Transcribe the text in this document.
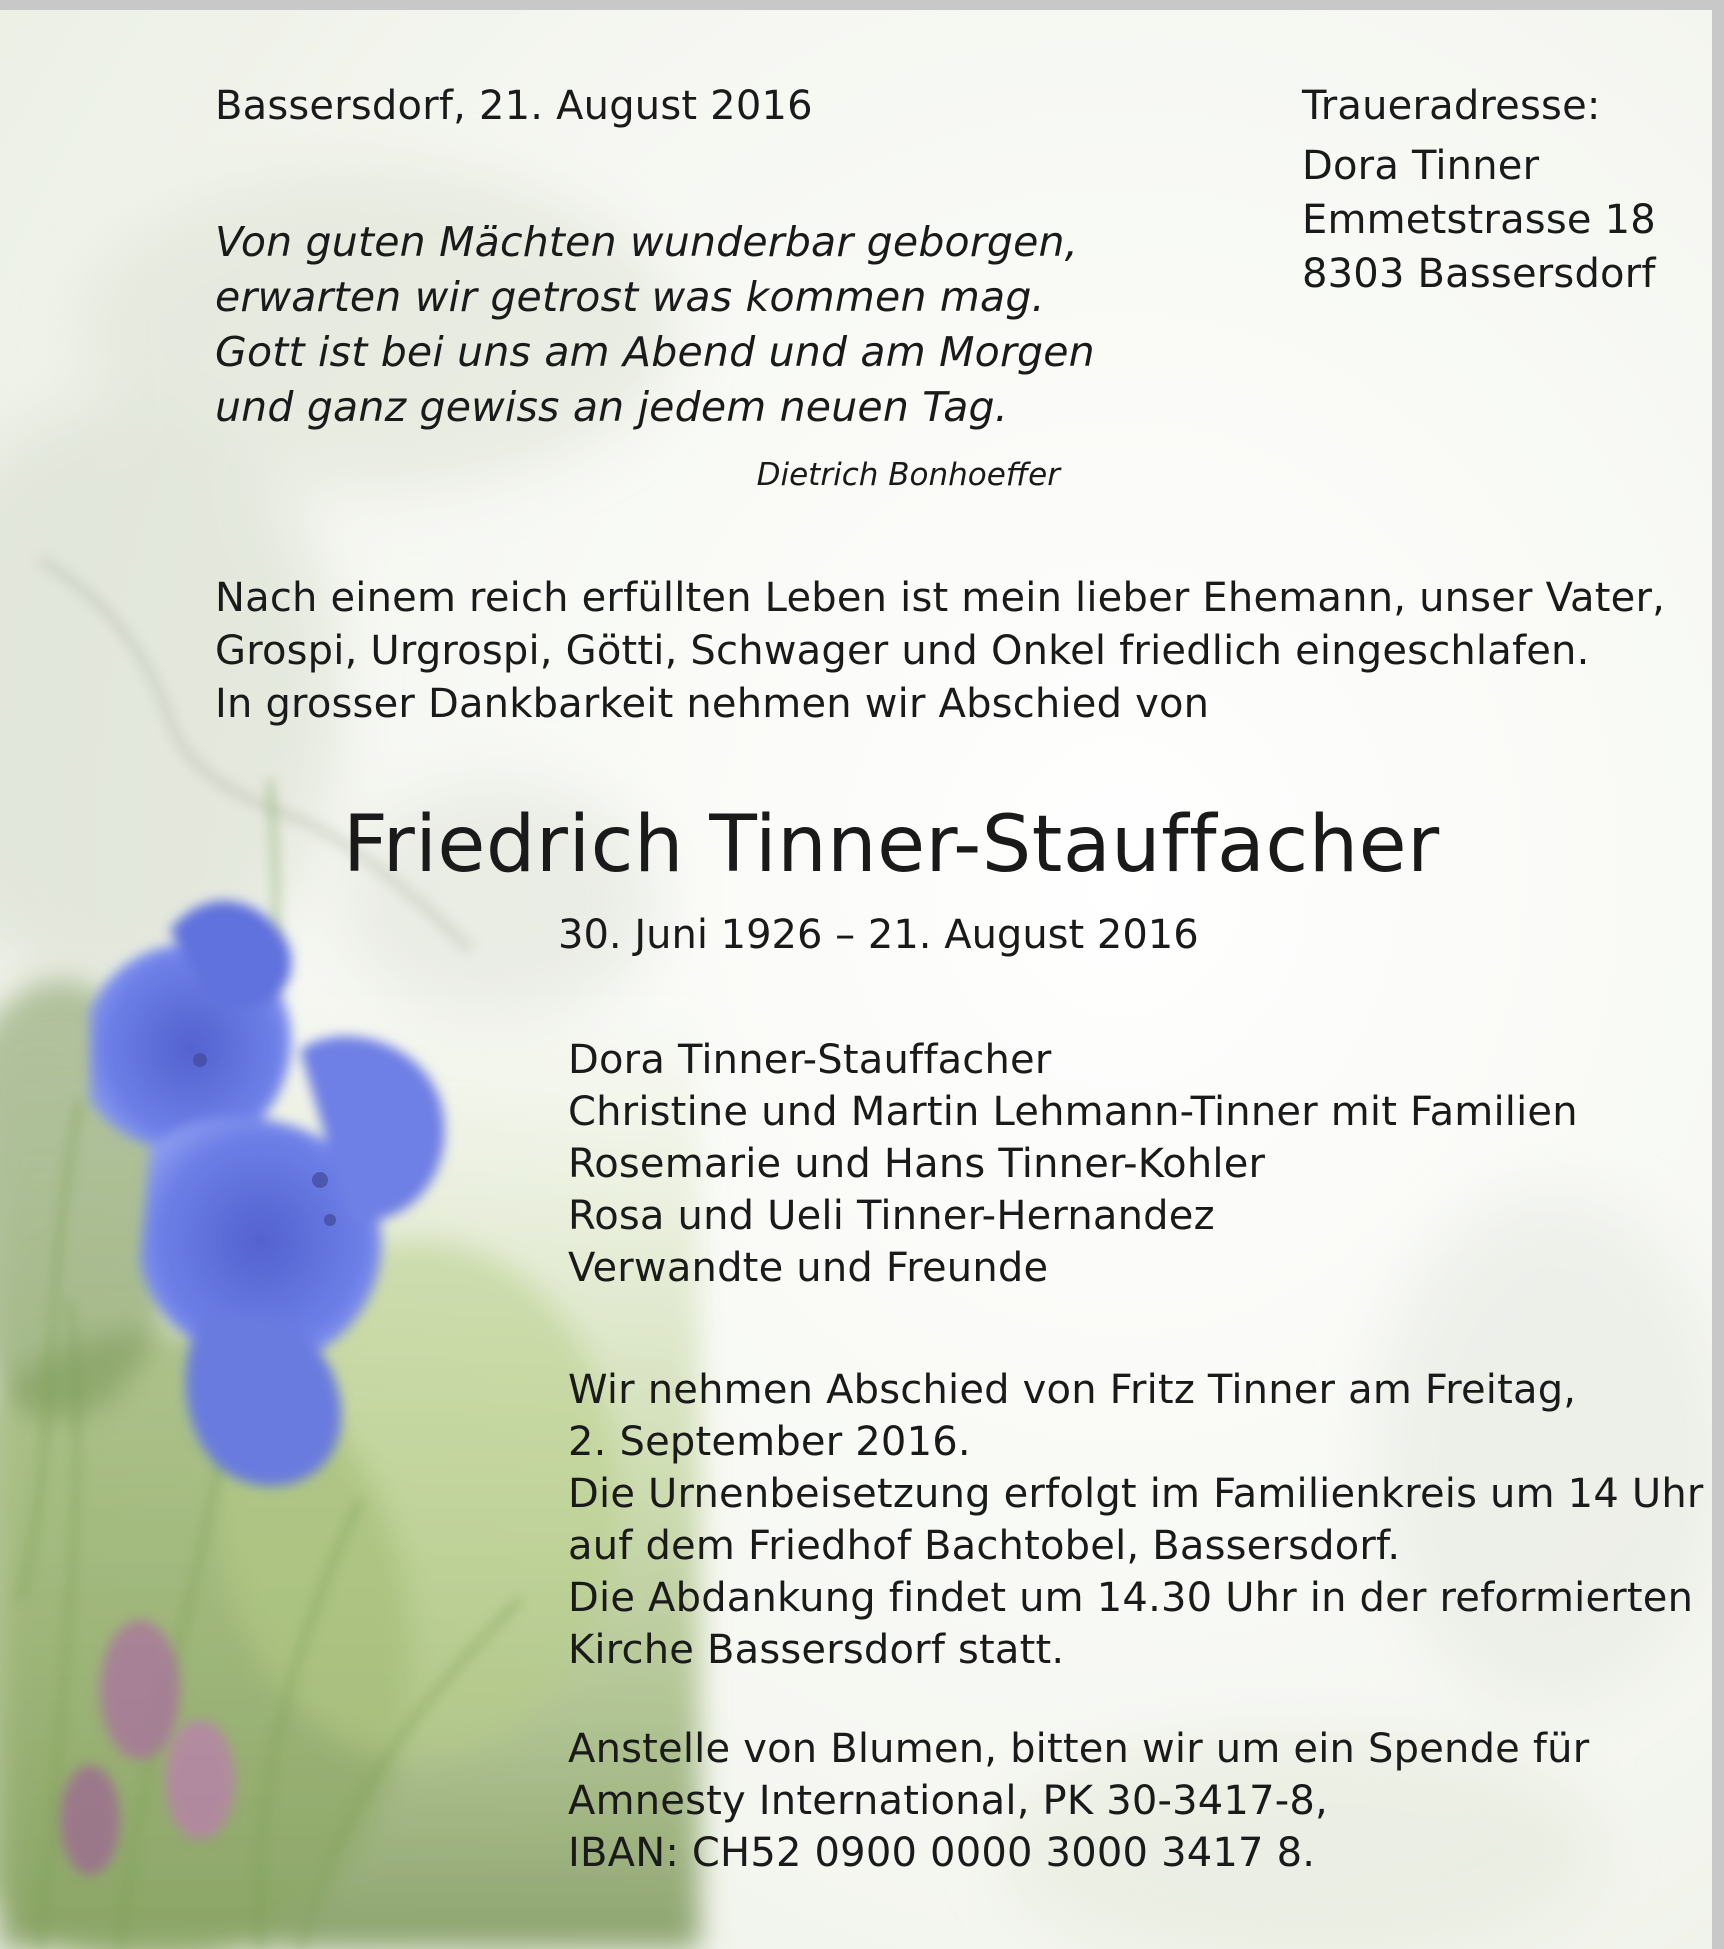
Bassersdorf, 21. August 2016	Traueradresse:
Dora Tinner
Emmetstrasse 18
8303 Bassersdorf
Von guten Mächten wunderbar geborgen,
erwarten wir getrost was kommen mag.
Gott ist bei uns am Abend und am Morgen
und ganz gewiss an jedem neuen Tag.
Dietrich Bonhoeffer
Nach einem reich erfüllten Leben ist mein lieber Ehemann, unser Vater,
Grospi, Urgrospi, Götti, Schwager und Onkel friedlich eingeschlafen.
In grosser Dankbarkeit nehmen wir Abschied von
Friedrich Tinner-Stauffacher
30. Juni 1926 – 21. August 2016
Dora Tinner-Stauffacher
Christine und Martin Lehmann-Tinner mit Familien
Rosemarie und Hans Tinner-Kohler
Rosa und Ueli Tinner-Hernandez
Verwandte und Freunde
Wir nehmen Abschied von Fritz Tinner am Freitag,
2. September 2016.
Die Urnenbeisetzung erfolgt im Familienkreis um 14 Uhr
auf dem Friedhof Bachtobel, Bassersdorf.
Die Abdankung findet um 14.30 Uhr in der reformierten
Kirche Bassersdorf statt.
Anstelle von Blumen, bitten wir um ein Spende für
Amnesty International, PK 30-3417-8,
IBAN: CH52 0900 0000 3000 3417 8.
